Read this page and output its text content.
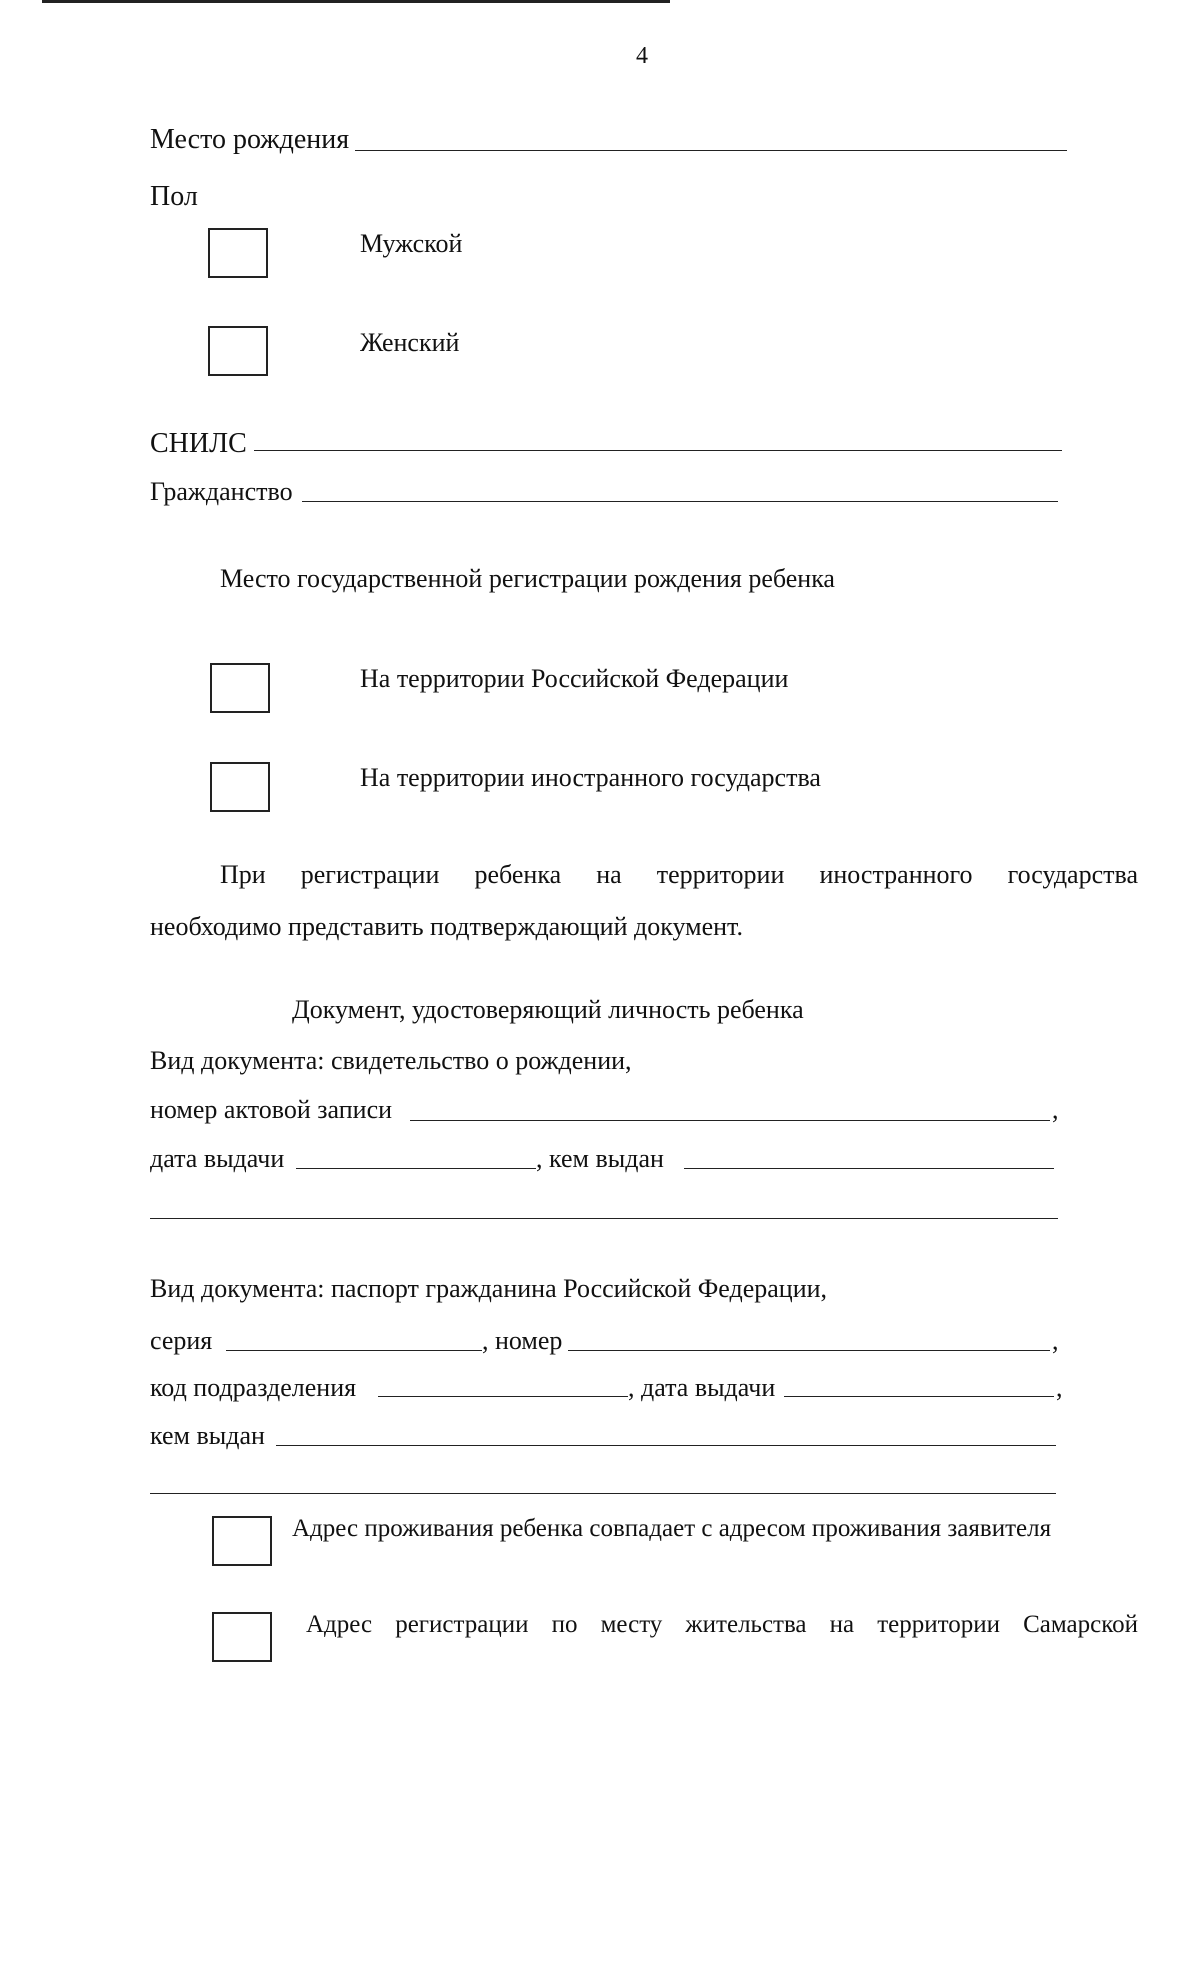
4
Место рождения
Пол
Мужской
Женский
СНИЛС
Гражданство
Место государственной регистрации рождения ребенка
На территории Российской Федерации
На территории иностранного государства
При регистрации ребенка на территории иностранного государства
необходимо представить подтверждающий документ.
Документ, удостоверяющий личность ребенка
Вид документа: свидетельство о рождении,
номер актовой записи	,
дата выдачи	, кем выдан
Вид документа: паспорт гражданина Российской Федерации,
серия	, номер	,
код подразделения	, дата выдачи	,
кем выдан
Адрес проживания ребенка совпадает с адресом проживания заявителя
Адрес регистрации по месту жительства на территории Самарской
